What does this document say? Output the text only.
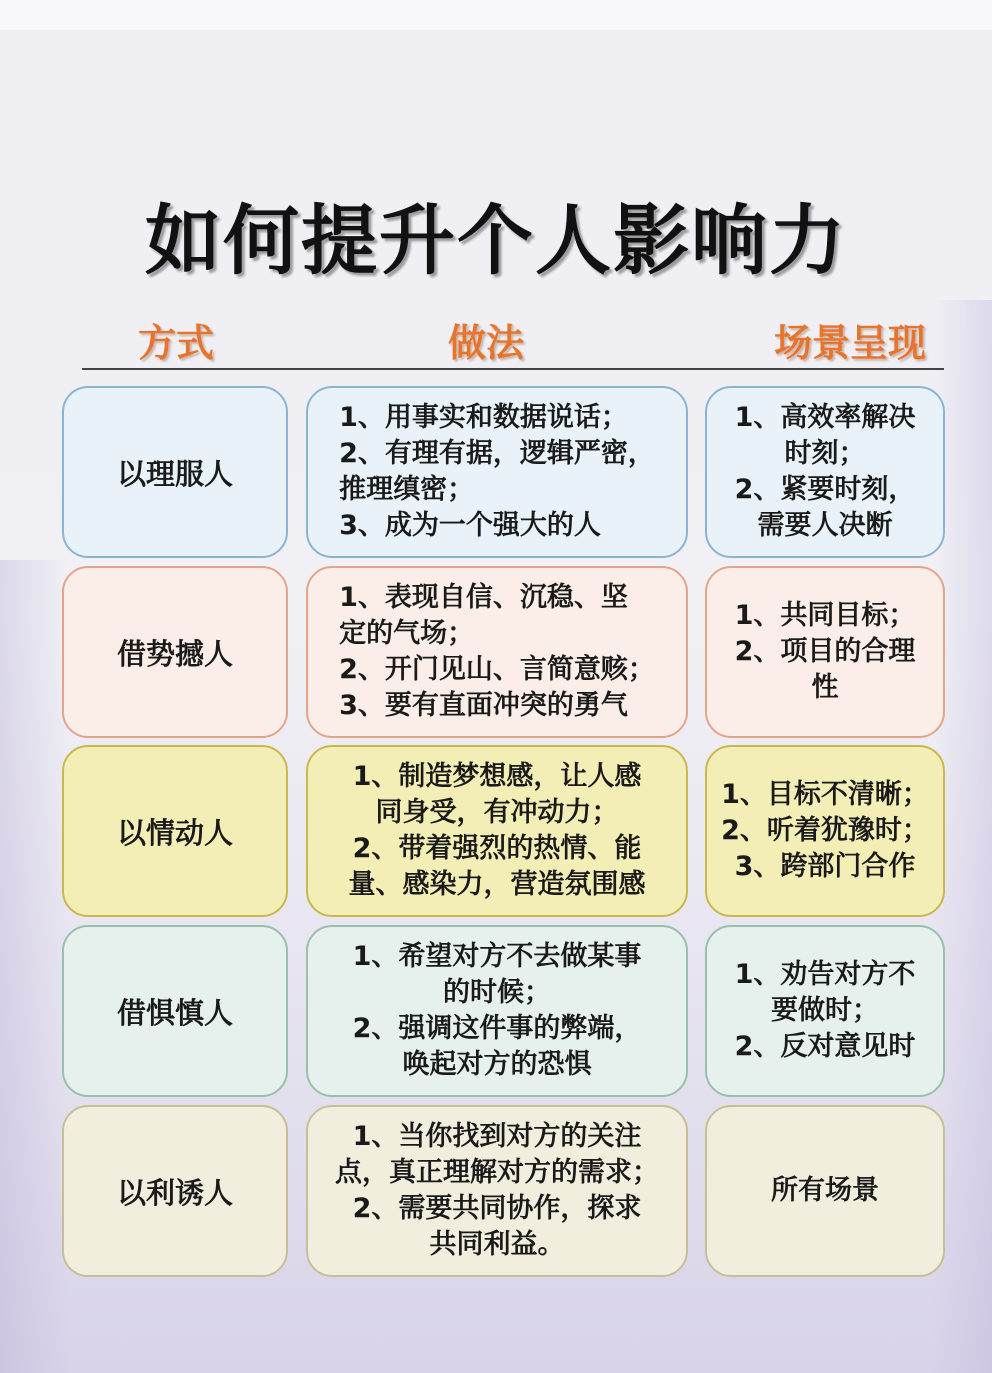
如何提升个人影响力
方式	做法	场景呈现
以理服人
1、用事实和数据说话；
2、有理有据，逻辑严密，
推理缜密；
3、成为一个强大的人
1、高效率解决
时刻；
2、紧要时刻，
需要人决断
借势撼人
1、表现自信、沉稳、坚
定的气场；
2、开门见山、言简意赅；
3、要有直面冲突的勇气
1、共同目标；
2、项目的合理
性
以情动人
1、制造梦想感，让人感
同身受，有冲动力；
2、带着强烈的热情、能
量、感染力，营造氛围感
1、目标不清晰；
2、听着犹豫时；
3、跨部门合作
借惧慎人
1、希望对方不去做某事
的时候；
2、强调这件事的弊端，
唤起对方的恐惧
1、劝告对方不
要做时；
2、反对意见时
以利诱人
1、当你找到对方的关注
点，真正理解对方的需求；
2、需要共同协作，探求
共同利益。
所有场景
